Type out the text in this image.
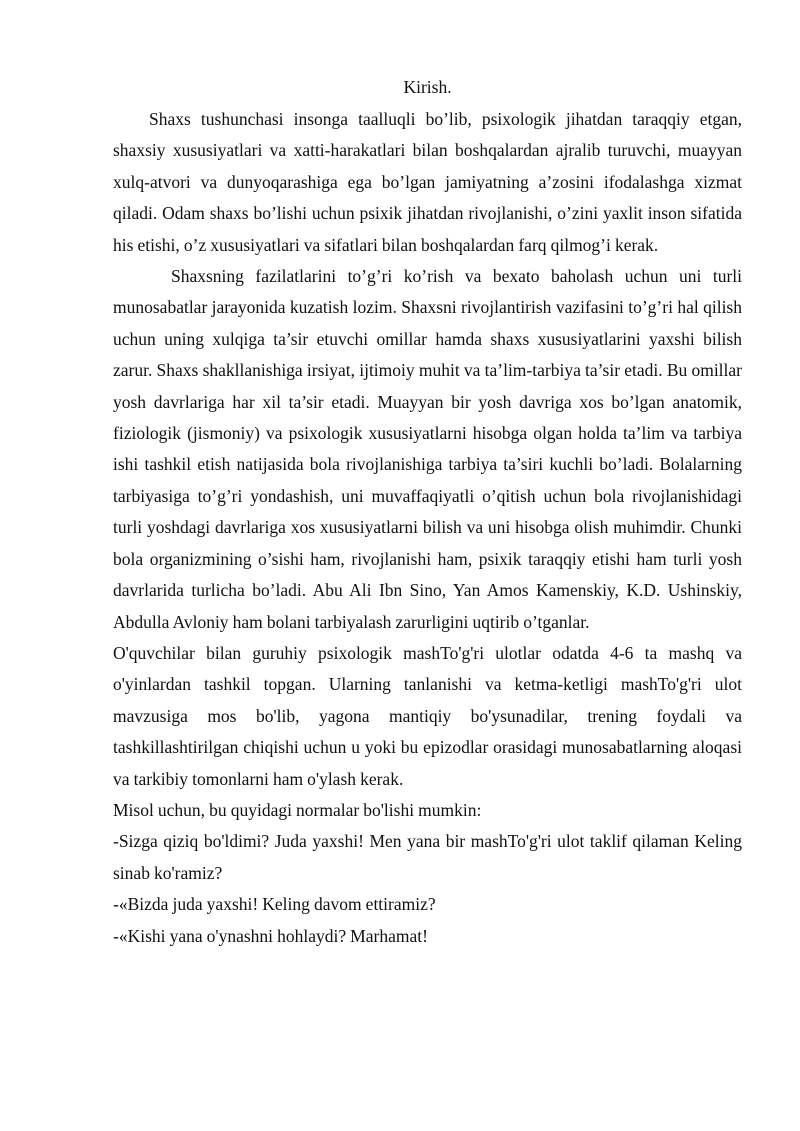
Kirish.

Shaxs tushunchasi insonga taalluqli bo’lib, psixologik jihatdan taraqqiy etgan, shaxsiy xususiyatlari va xatti-harakatlari bilan boshqalardan ajralib turuvchi, muayyan xulq-atvori va dunyoqarashiga ega bo’lgan jamiyatning a’zosini ifodalashga xizmat qiladi. Odam shaxs bo’lishi uchun psixik jihatdan rivojlanishi, o’zini yaxlit inson sifatida his etishi, o’z xususiyatlari va sifatlari bilan boshqalardan farq qilmog’i kerak.

Shaxsning fazilatlarini to’g’ri ko’rish va bexato baholash uchun uni turli munosabatlar jarayonida kuzatish lozim. Shaxsni rivojlantirish vazifasini to’g’ri hal qilish uchun uning xulqiga ta’sir etuvchi omillar hamda shaxs xususiyatlarini yaxshi bilish zarur. Shaxs shakllanishiga irsiyat, ijtimoiy muhit va ta’lim-tarbiya ta’sir etadi. Bu omillar yosh davrlariga har xil ta’sir etadi. Muayyan bir yosh davriga xos bo’lgan anatomik, fiziologik (jismoniy) va psixologik xususiyatlarni hisobga olgan holda ta’lim va tarbiya ishi tashkil etish natijasida bola rivojlanishiga tarbiya ta’siri kuchli bo’ladi. Bolalarning tarbiyasiga to’g’ri yondashish, uni muvaffaqiyatli o’qitish uchun bola rivojlanishidagi turli yoshdagi davrlariga xos xususiyatlarni bilish va uni hisobga olish muhimdir. Chunki bola organizmining o’sishi ham, rivojlanishi ham, psixik taraqqiy etishi ham turli yosh davrlarida turlicha bo’ladi. Abu Ali Ibn Sino, Yan Amos Kamenskiy, K.D. Ushinskiy, Abdulla Avloniy ham bolani tarbiyalash zarurligini uqtirib o’tganlar.

O'quvchilar bilan guruhiy psixologik mashTo'g'ri ulotlar odatda 4-6 ta mashq va o'yinlardan tashkil topgan. Ularning tanlanishi va ketma-ketligi mashTo'g'ri ulot mavzusiga mos bo'lib, yagona mantiqiy bo'ysunadilar, trening foydali va tashkillashtirilgan chiqishi uchun u yoki bu epizodlar orasidagi munosabatlarning aloqasi va tarkibiy tomonlarni ham o'ylash kerak.

Misol uchun, bu quyidagi normalar bo'lishi mumkin:

-Sizga qiziq bo'ldimi? Juda yaxshi! Men yana bir mashTo'g'ri ulot taklif qilaman Keling sinab ko'ramiz?

-«Bizda juda yaxshi! Keling davom ettiramiz?

-«Kishi yana o'ynashni hohlaydi? Marhamat!
